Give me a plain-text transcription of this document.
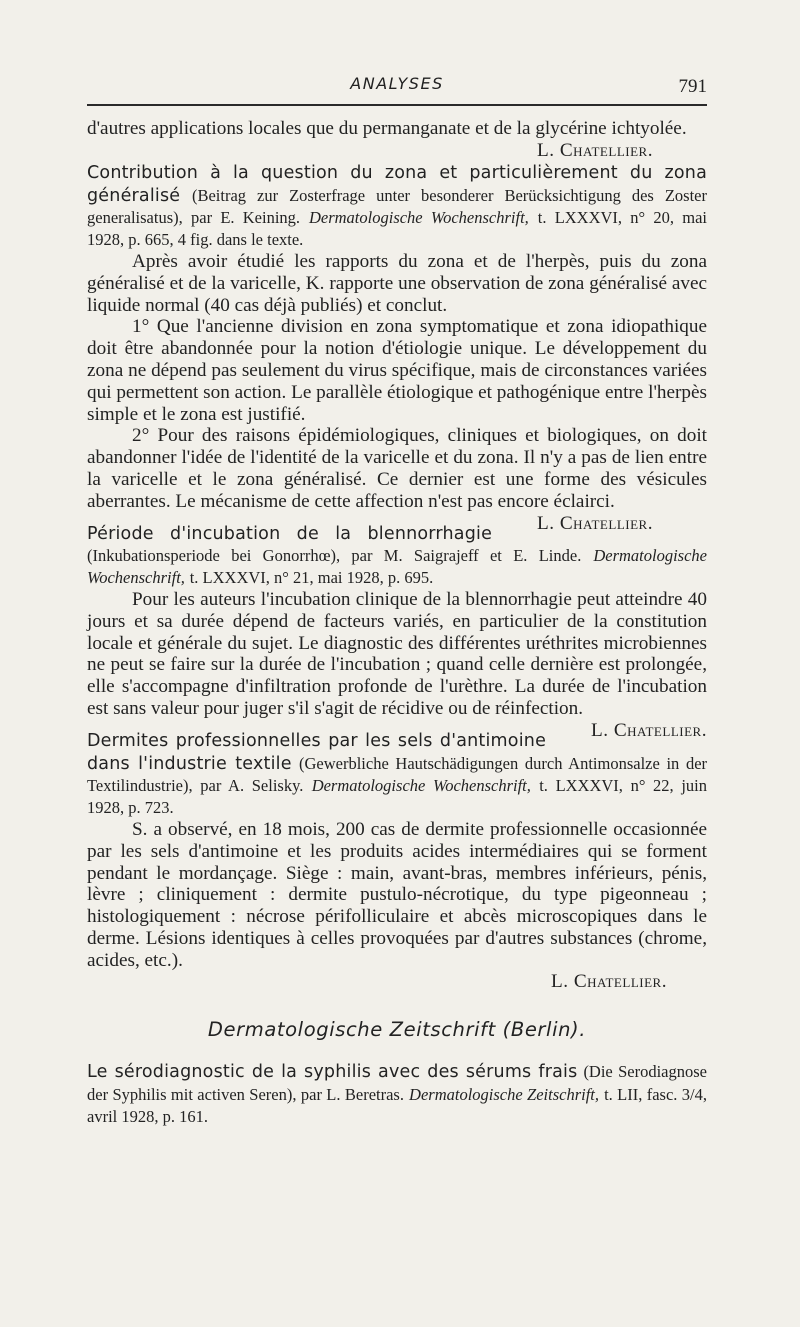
ANALYSES	791

d'autres applications locales que du permanganate et de la glycérine ichtyolée.
L. Chatellier.

Contribution à la question du zona et particulièrement du zona généralisé (Beitrag zur Zosterfrage unter besonderer Berücksichtigung des Zoster generalisatus), par E. Keining. Dermatologische Wochenschrift, t. LXXXVI, n° 20, mai 1928, p. 665, 4 fig. dans le texte.

Après avoir étudié les rapports du zona et de l'herpès, puis du zona généralisé et de la varicelle, K. rapporte une observation de zona généralisé avec liquide normal (40 cas déjà publiés) et conclut.

1° Que l'ancienne division en zona symptomatique et zona idiopathique doit être abandonnée pour la notion d'étiologie unique. Le développement du zona ne dépend pas seulement du virus spécifique, mais de circonstances variées qui permettent son action. Le parallèle étiologique et pathogénique entre l'herpès simple et le zona est justifié.

2° Pour des raisons épidémiologiques, cliniques et biologiques, on doit abandonner l'idée de l'identité de la varicelle et du zona. Il n'y a pas de lien entre la varicelle et le zona généralisé. Ce dernier est une forme des vésicules aberrantes. Le mécanisme de cette affection n'est pas encore éclairci.
L. Chatellier.

Période d'incubation de la blennorrhagie (Inkubationsperiode bei Gonorrhœ), par M. Saigrajeff et E. Linde. Dermatologische Wochenschrift, t. LXXXVI, n° 21, mai 1928, p. 695.

Pour les auteurs l'incubation clinique de la blennorrhagie peut atteindre 40 jours et sa durée dépend de facteurs variés, en particulier de la constitution locale et générale du sujet. Le diagnostic des différentes uréthrites microbiennes ne peut se faire sur la durée de l'incubation ; quand celle dernière est prolongée, elle s'accompagne d'infiltration profonde de l'urèthre. La durée de l'incubation est sans valeur pour juger s'il s'agit de récidive ou de réinfection.
L. Chatellier.

Dermites professionnelles par les sels d'antimoine dans l'industrie textile (Gewerbliche Hautschädigungen durch Antimonsalze in der Textilindustrie), par A. Selisky. Dermatologische Wochenschrift, t. LXXXVI, n° 22, juin 1928, p. 723.

S. a observé, en 18 mois, 200 cas de dermite professionnelle occasionnée par les sels d'antimoine et les produits acides intermédiaires qui se forment pendant le mordançage. Siège : main, avant-bras, membres inférieurs, pénis, lèvre ; cliniquement : dermite pustulo-nécrotique, du type pigeonneau ; histologiquement : nécrose périfolliculaire et abcès microscopiques dans le derme. Lésions identiques à celles provoquées par d'autres substances (chrome, acides, etc.).

L. Chatellier.

Dermatologische Zeitschrift (Berlin).

Le sérodiagnostic de la syphilis avec des sérums frais (Die Serodiagnose der Syphilis mit activen Seren), par L. Beretras. Dermatologische Zeitschrift, t. LII, fasc. 3/4, avril 1928, p. 161.
